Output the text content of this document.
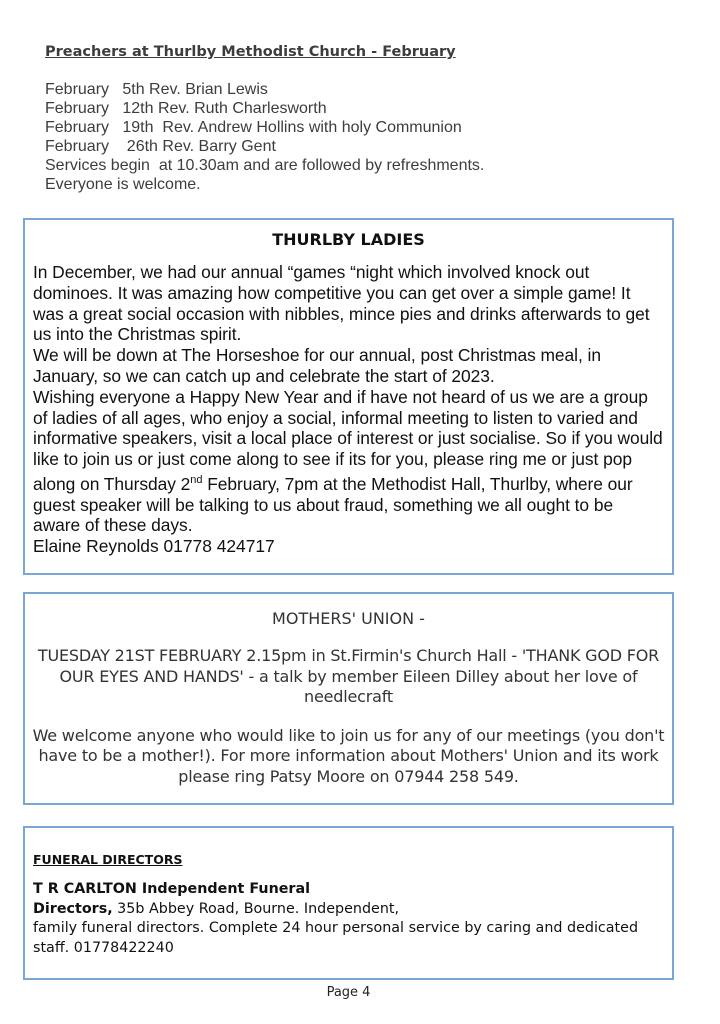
Preachers at Thurlby Methodist Church - February
February   5th Rev. Brian Lewis
February   12th Rev. Ruth Charlesworth
February   19th  Rev. Andrew Hollins with holy Communion
February    26th Rev. Barry Gent
Services begin  at 10.30am and are followed by refreshments.
Everyone is welcome.
THURLBY LADIES

In December, we had our annual “games “night which involved knock out dominoes. It was amazing how competitive you can get over a simple game! It was a great social occasion with nibbles, mince pies and drinks afterwards to get us into the Christmas spirit.

We will be down at The Horseshoe for our annual, post Christmas meal, in January, so we can catch up and celebrate the start of 2023.

Wishing everyone a Happy New Year and if have not heard of us we are a group of ladies of all ages, who enjoy a social, informal meeting to listen to varied and informative speakers, visit a local place of interest or just socialise. So if you would like to join us or just come along to see if its for you, please ring me or just pop along on Thursday 2nd February, 7pm at the Methodist Hall, Thurlby, where our guest speaker will be talking to us about fraud, something we all ought to be aware of these days.

Elaine Reynolds 01778 424717
MOTHERS' UNION -

TUESDAY 21ST FEBRUARY 2.15pm in St.Firmin's Church Hall - 'THANK GOD FOR OUR EYES AND HANDS' - a talk by member Eileen Dilley about her love of needlecraft

We welcome anyone who would like to join us for any of our meetings (you don't have to be a mother!). For more information about Mothers' Union and its work please ring Patsy Moore on 07944 258 549.

FUNERAL DIRECTORS

T R CARLTON Independent Funeral
Directors, 35b Abbey Road, Bourne. Independent,
family funeral directors. Complete 24 hour personal service by caring and dedicated staff. 01778422240

Page 4
